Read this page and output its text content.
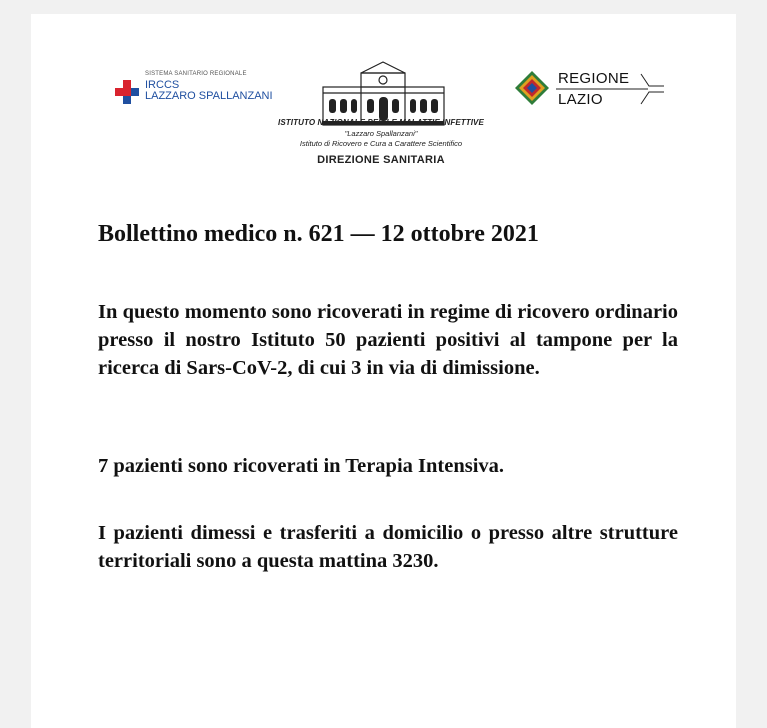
SISTEMA SANITARIO REGIONALE
IRCCS
LAZZARO SPALLANZANI
ISTITUTO NAZIONALE PER LE MALATTIE INFETTIVE
"Lazzaro Spallanzani"
Istituto di Ricovero e Cura a Carattere Scientifico
DIREZIONE SANITARIA
REGIONE
LAZIO
Bollettino medico n. 621 — 12 ottobre 2021
In questo momento sono ricoverati in regime di ricovero ordinario presso il nostro Istituto 50 pazienti positivi al tampone per la ricerca di Sars-CoV-2, di cui 3 in via di dimissione.
7 pazienti sono ricoverati in Terapia Intensiva.
I pazienti dimessi e trasferiti a domicilio o presso altre strutture territoriali sono a questa mattina 3230.
